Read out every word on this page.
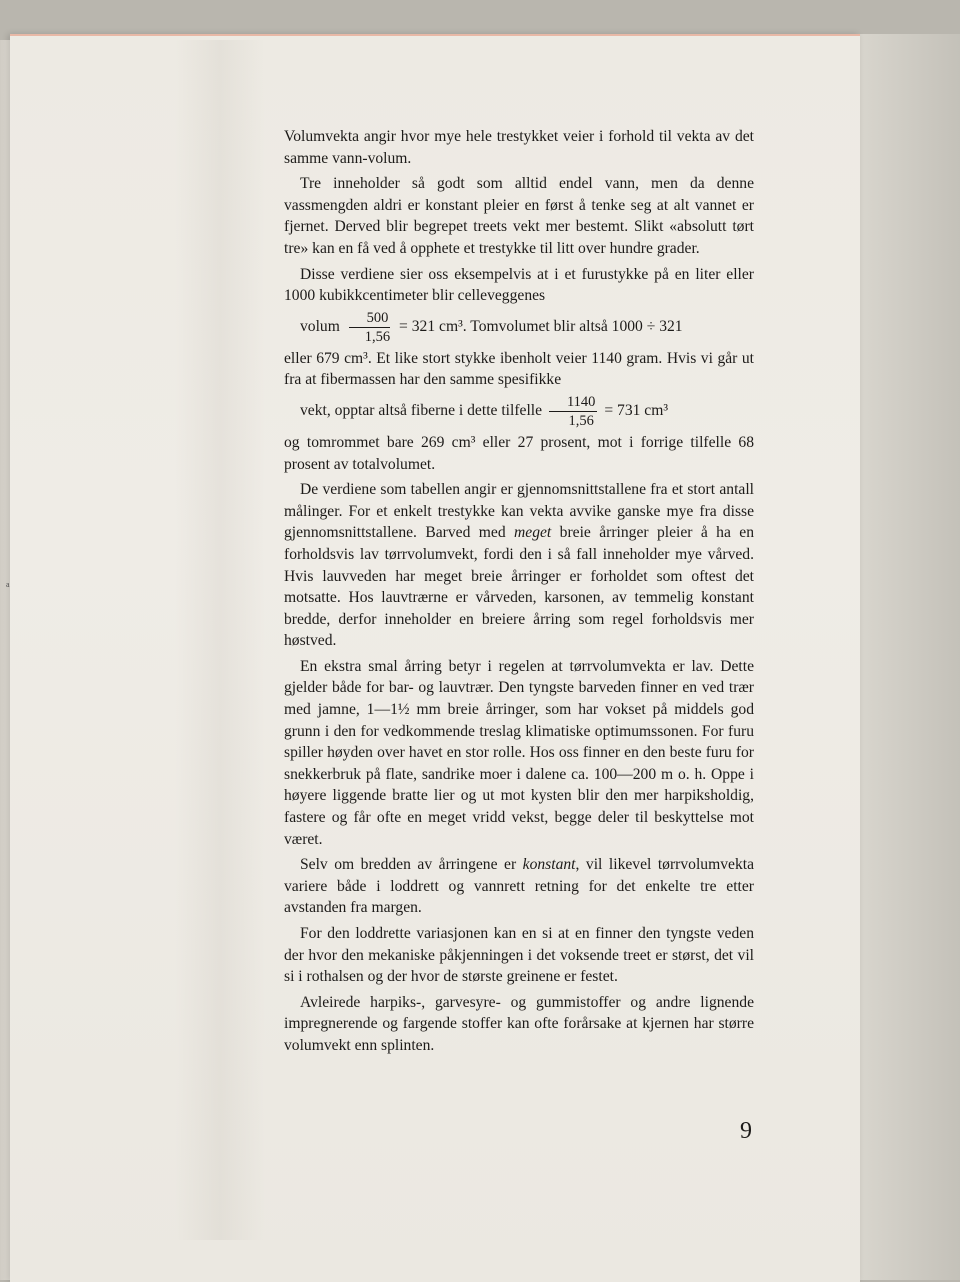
a

Volumvekta angir hvor mye hele trestykket veier i forhold til vekta av det samme vann-volum.

Tre inneholder så godt som alltid endel vann, men da denne vassmengden aldri er konstant pleier en først å tenke seg at alt vannet er fjernet. Derved blir begrepet treets vekt mer bestemt. Slikt «absolutt tørt tre» kan en få ved å opphete et trestykke til litt over hundre grader.

Disse verdiene sier oss eksempelvis at i et furustykke på en liter eller 1000 kubikkcentimeter blir celleveggenes
volum $\frac{500}{1,56} = 321$ cm³. Tomvolumet blir altså 1000 ÷ 321
eller 679 cm³. Et like stort stykke ibenholt veier 1140 gram. Hvis vi går ut fra at fibermassen har den samme spesifikke
vekt, opptar altså fiberne i dette tilfelle $\frac{1140}{1,56} = 731$ cm³
og tomrommet bare 269 cm³ eller 27 prosent, mot i forrige tilfelle 68 prosent av totalvolumet.

De verdiene som tabellen angir er gjennomsnittstallene fra et stort antall målinger. For et enkelt trestykke kan vekta avvike ganske mye fra disse gjennomsnittstallene. Barved med meget breie årringer pleier å ha en forholdsvis lav tørrvolumvekt, fordi den i så fall inneholder mye vårved. Hvis lauvveden har meget breie årringer er forholdet som oftest det motsatte. Hos lauvtrærne er vårveden, karsonen, av temmelig konstant bredde, derfor inneholder en breiere årring som regel forholdsvis mer høstved.

En ekstra smal årring betyr i regelen at tørrvolumvekta er lav. Dette gjelder både for bar- og lauvtrær. Den tyngste barveden finner en ved trær med jamne, 1—1½ mm breie årringer, som har vokset på middels god grunn i den for vedkommende treslag klimatiske optimumssonen. For furu spiller høyden over havet en stor rolle. Hos oss finner en den beste furu for snekkerbruk på flate, sandrike moer i dalene ca. 100—200 m o. h. Oppe i høyere liggende bratte lier og ut mot kysten blir den mer harpiksholdig, fastere og får ofte en meget vridd vekst, begge deler til beskyttelse mot været.

Selv om bredden av årringene er konstant, vil likevel tørrvolumvekta variere både i loddrett og vannrett retning for det enkelte tre etter avstanden fra margen.

For den loddrette variasjonen kan en si at en finner den tyngste veden der hvor den mekaniske påkjenningen i det voksende treet er størst, det vil si i rothalsen og der hvor de største greinene er festet.

Avleirede harpiks-, garvesyre- og gummistoffer og andre lignende impregnerende og fargende stoffer kan ofte forårsake at kjernen har større volumvekt enn splinten.

9
